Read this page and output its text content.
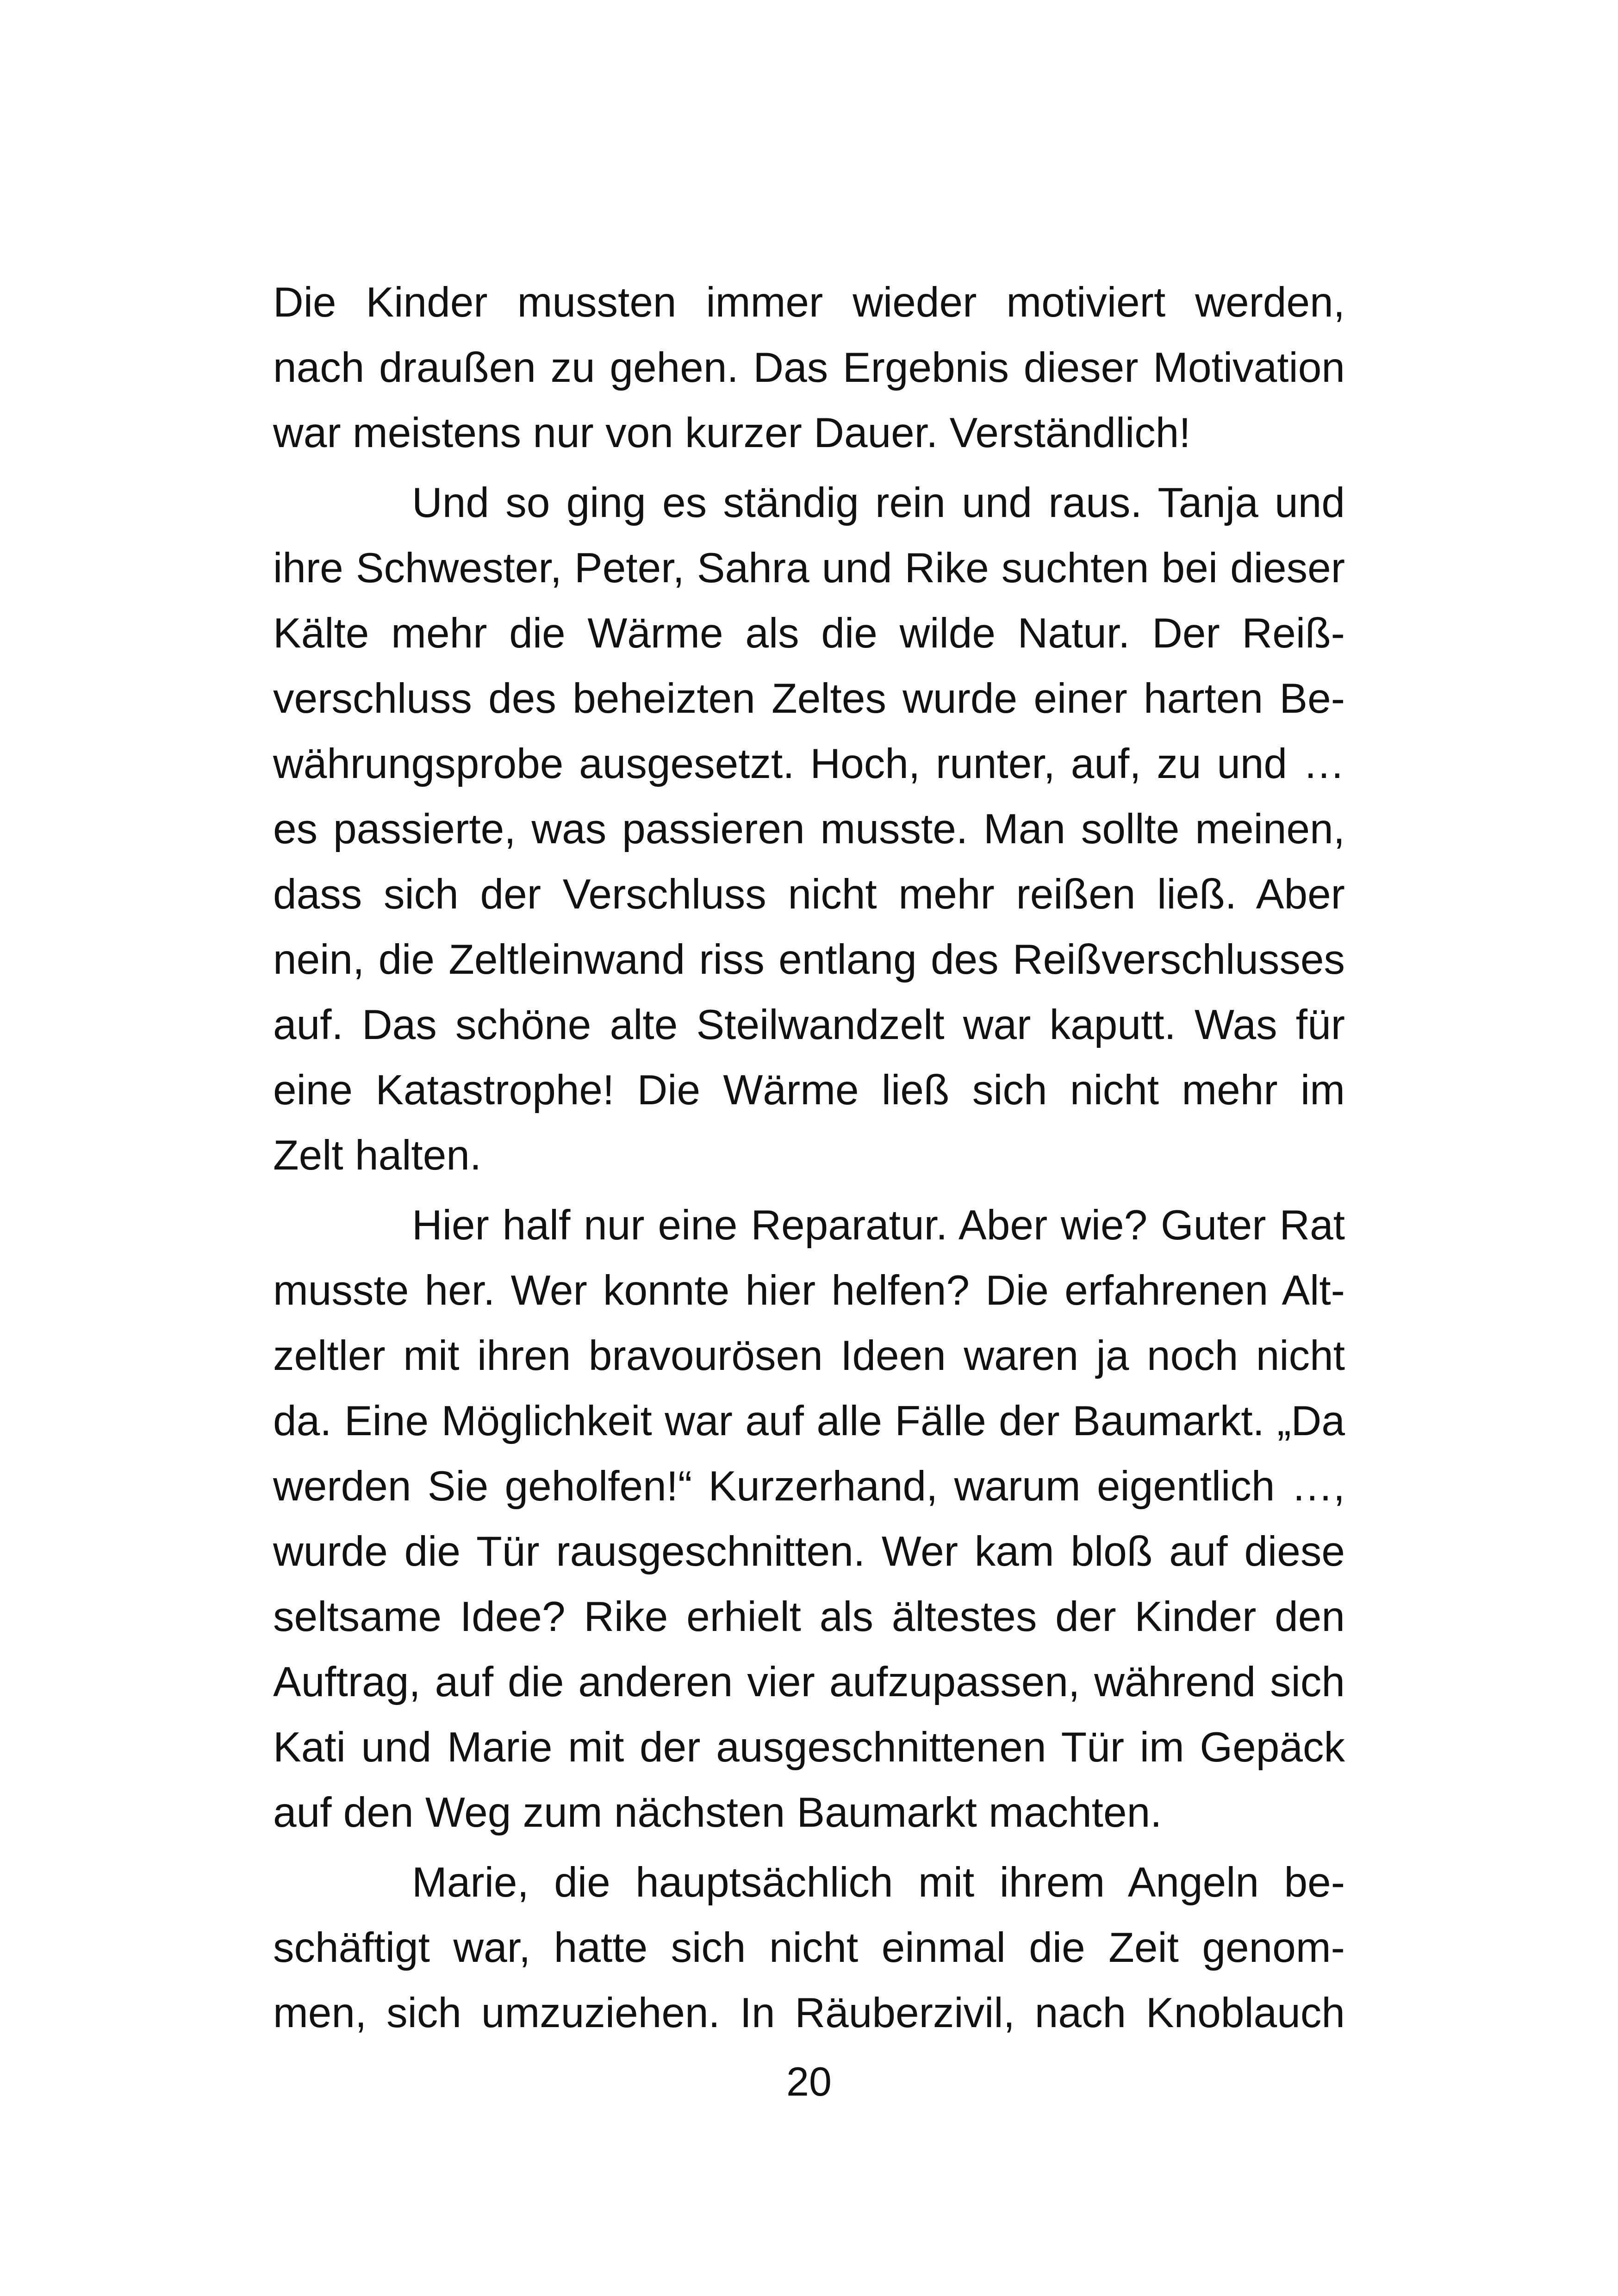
Die Kinder mussten immer wieder motiviert werden,
nach draußen zu gehen. Das Ergebnis dieser Motivation
war meistens nur von kurzer Dauer. Verständlich!
Und so ging es ständig rein und raus. Tanja und
ihre Schwester, Peter, Sahra und Rike suchten bei dieser
Kälte mehr die Wärme als die wilde Natur. Der Reiß-
verschluss des beheizten Zeltes wurde einer harten Be-
währungsprobe ausgesetzt. Hoch, runter, auf, zu und …
es passierte, was passieren musste. Man sollte meinen,
dass sich der Verschluss nicht mehr reißen ließ. Aber
nein, die Zeltleinwand riss entlang des Reißverschlusses
auf. Das schöne alte Steilwandzelt war kaputt. Was für
eine Katastrophe! Die Wärme ließ sich nicht mehr im
Zelt halten.
Hier half nur eine Reparatur. Aber wie? Guter Rat
musste her. Wer konnte hier helfen? Die erfahrenen Alt-
zeltler mit ihren bravourösen Ideen waren ja noch nicht
da. Eine Möglichkeit war auf alle Fälle der Baumarkt. „Da
werden Sie geholfen!“ Kurzerhand, warum eigentlich …,
wurde die Tür rausgeschnitten. Wer kam bloß auf diese
seltsame Idee? Rike erhielt als ältestes der Kinder den
Auftrag, auf die anderen vier aufzupassen, während sich
Kati und Marie mit der ausgeschnittenen Tür im Gepäck
auf den Weg zum nächsten Baumarkt machten.
Marie, die hauptsächlich mit ihrem Angeln be-
schäftigt war, hatte sich nicht einmal die Zeit genom-
men, sich umzuziehen. In Räuberzivil, nach Knoblauch
20
